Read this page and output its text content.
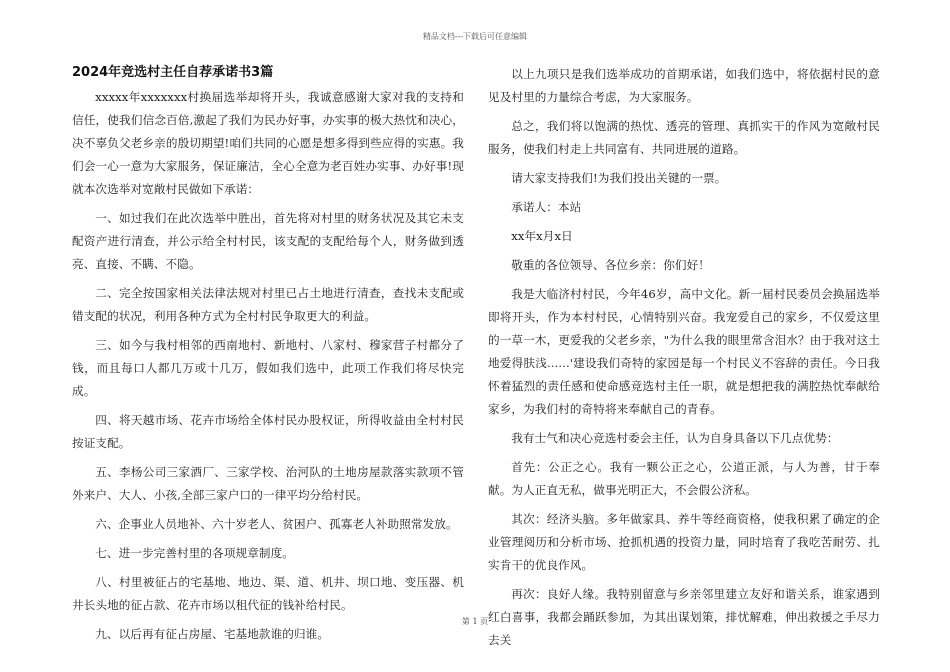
精品文档---下载后可任意编辑
2024年竞选村主任自荐承诺书3篇
xxxxx年xxxxxxx村换届选举却将开头，我诚意感谢大家对我的支持和信任，使我们信念百倍,激起了我们为民办好事，办实事的极大热忱和决心，决不辜负父老乡亲的殷切期望!咱们共同的心愿是想多得到些应得的实惠。我们会一心一意为大家服务，保证廉洁，全心全意为老百姓办实事、办好事!现就本次选举对宽敞村民做如下承诺：
一、如过我们在此次选举中胜出，首先将对村里的财务状况及其它未支配资产进行清查，并公示给全村村民，该支配的支配给每个人，财务做到透亮、直接、不瞒、不隐。
二、完全按国家相关法律法规对村里已占土地进行清查，查找未支配或错支配的状况，利用各种方式为全村村民争取更大的利益。
三、如今与我村相邻的西南地村、新地村、八家村、穆家营子村都分了钱，而且每口人都几万或十几万，假如我们选中，此项工作我们将尽快完成。
四、将天越市场、花卉市场给全体村民办股权证，所得收益由全村村民按证支配。
五、李杨公司三家酒厂、三家学校、治河队的土地房屋款落实款项不管外来户、大人、小孩,全部三家户口的一律平均分给村民。
六、企事业人员地补、六十岁老人、贫困户、孤寡老人补助照常发放。
七、进一步完善村里的各项规章制度。
八、村里被征占的宅基地、地边、渠、道、机井、坝口地、变压器、机井长头地的征占款、花卉市场以租代征的钱补给村民。
九、以后再有征占房屋、宅基地款谁的归谁。
以上九项只是我们选举成功的首期承诺，如我们选中，将依据村民的意见及村里的力量综合考虑，为大家服务。
总之，我们将以饱满的热忱、透亮的管理、真抓实干的作风为宽敞村民服务，使我们村走上共同富有、共同进展的道路。
请大家支持我们!为我们投出关键的一票。
承诺人：本站
xx年x月x日
敬重的各位领导、各位乡亲：你们好！
我是大临济村村民，今年46岁，高中文化。新一届村民委员会换届选举即将开头，作为本村村民，心情特别兴奋。我宠爱自己的家乡，不仅爱这里的一草一木，更爱我的父老乡亲，"为什么我的眼里常含泪水？由于我对这土地爱得肤浅......'建设我们奇特的家园是每一个村民义不容辞的责任。今日我怀着猛烈的责任感和使命感竞选村主任一职，就是想把我的满腔热忱奉献给家乡，为我们村的奇特将来奉献自己的青春。
我有士气和决心竞选村委会主任，认为自身具备以下几点优势：
首先：公正之心。我有一颗公正之心，公道正派，与人为善，甘于奉献。为人正直无私，做事光明正大，不会假公济私。
其次：经济头脑。多年做家具、养牛等经商资格，使我积累了确定的企业管理阅历和分析市场、抢抓机遇的投资力量，同时培育了我吃苦耐劳、扎实肯干的优良作风。
再次：良好人缘。我特别留意与乡亲邻里建立友好和谐关系，谁家遇到红白喜事，我都会踊跃参加，为其出谋划策，排忧解难，伸出救援之手尽力去关
第 1 页
